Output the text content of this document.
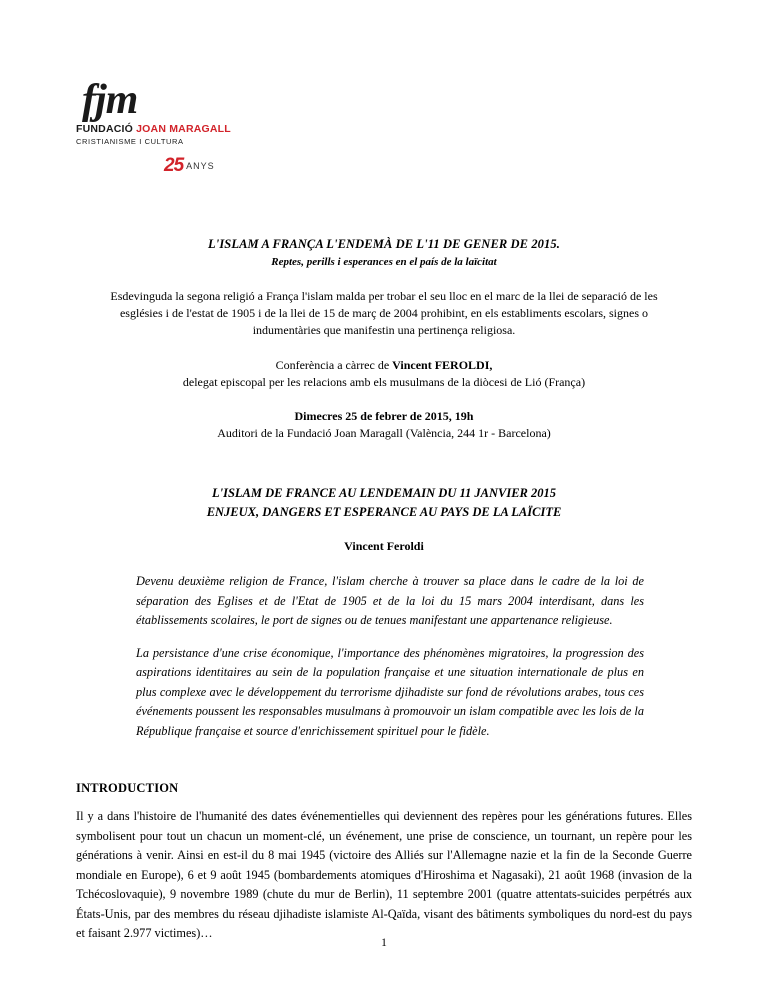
fjm
FUNDACIÓ JOAN MARAGALL
CRISTIANISME I CULTURA
25 ANYS
L'ISLAM A FRANÇA L'ENDEMÀ DE L'11 DE GENER DE 2015.
Reptes, perills i esperances en el país de la laïcitat
Esdevinguda la segona religió a França l'islam malda per trobar el seu lloc en el marc de la llei de separació de les esglésies i de l'estat de 1905 i de la llei de 15 de març de 2004 prohibint, en els establiments escolars, signes o indumentàries que manifestin una pertinença religiosa.
Conferència a càrrec de Vincent FEROLDI,
delegat episcopal per les relacions amb els musulmans de la diòcesi de Lió (França)
Dimecres 25 de febrer de 2015, 19h
Auditori de la Fundació Joan Maragall (València, 244 1r - Barcelona)
L'ISLAM DE FRANCE AU LENDEMAIN DU 11 JANVIER 2015
ENJEUX, DANGERS ET ESPERANCE AU PAYS DE LA LAÏCITE
Vincent Feroldi

Devenu deuxième religion de France, l'islam cherche à trouver sa place dans le cadre de la loi de séparation des Eglises et de l'Etat de 1905 et de la loi du 15 mars 2004 interdisant, dans les établissements scolaires, le port de signes ou de tenues manifestant une appartenance religieuse.

La persistance d'une crise économique, l'importance des phénomènes migratoires, la progression des aspirations identitaires au sein de la population française et une situation internationale de plus en plus complexe avec le développement du terrorisme djihadiste sur fond de révolutions arabes, tous ces événements poussent les responsables musulmans à promouvoir un islam compatible avec les lois de la République française et source d'enrichissement spirituel pour le fidèle.

INTRODUCTION

Il y a dans l'histoire de l'humanité des dates événementielles qui deviennent des repères pour les générations futures. Elles symbolisent pour tout un chacun un moment-clé, un événement, une prise de conscience, un tournant, un repère pour les générations à venir. Ainsi en est-il du 8 mai 1945 (victoire des Alliés sur l'Allemagne nazie et la fin de la Seconde Guerre mondiale en Europe), 6 et 9 août 1945 (bombardements atomiques d'Hiroshima et Nagasaki), 21 août 1968 (invasion de la Tchécoslovaquie), 9 novembre 1989 (chute du mur de Berlin), 11 septembre 2001 (quatre attentats-suicides perpétrés aux États-Unis, par des membres du réseau djihadiste islamiste Al-Qaïda, visant des bâtiments symboliques du nord-est du pays et faisant 2.977 victimes)…

1
